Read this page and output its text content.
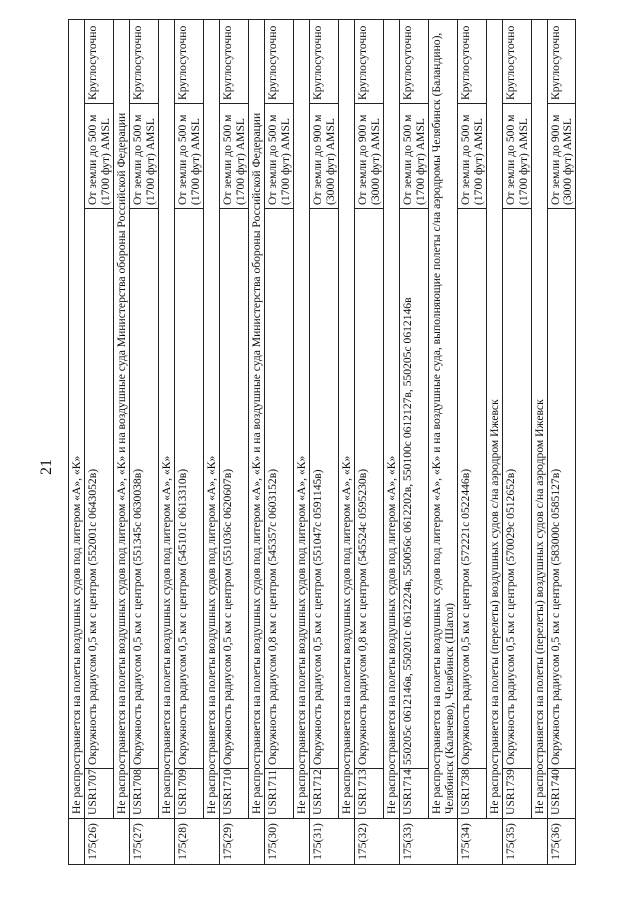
21
	Не распространяется на полеты воздушных судов под литером «А», «К»			
175(26)	USR1707	Окружность радиусом 0,5 км с центром (552001с 0643052в)	От земли до 500 м (1700 фут) AMSL	Круглосуточно
	Не распространяется на полеты воздушных судов под литером «А», «К» и на воздушные суда Министерства обороны Российской Федерации			
175(27)	USR1708	Окружность радиусом 0,5 км с центром (551345с 0630038в)	От земли до 500 м (1700 фут) AMSL	Круглосуточно
	Не распространяется на полеты воздушных судов под литером «А», «К»			
175(28)	USR1709	Окружность радиусом 0,5 км с центром (545101с 0613310в)	От земли до 500 м (1700 фут) AMSL	Круглосуточно
	Не распространяется на полеты воздушных судов под литером «А», «К»			
175(29)	USR1710	Окружность радиусом 0,5 км с центром (551036с 0620607в)	От земли до 500 м (1700 фут) AMSL	Круглосуточно
	Не распространяется на полеты воздушных судов под литером «А», «К» и на воздушные суда Министерства обороны Российской Федерации			
175(30)	USR1711	Окружность радиусом 0,8 км с центром (545357с 0603152в)	От земли до 500 м (1700 фут) AMSL	Круглосуточно
	Не распространяется на полеты воздушных судов под литером «А», «К»			
175(31)	USR1712	Окружность радиусом 0,5 км с центром (551047с 0591145в)	От земли до 900 м (3000 фут) AMSL	Круглосуточно
	Не распространяется на полеты воздушных судов под литером «А», «К»			
175(32)	USR1713	Окружность радиусом 0,8 км с центром (545524с 0595230в)	От земли до 900 м (3000 фут) AMSL	Круглосуточно
	Не распространяется на полеты воздушных судов под литером «А», «К»			
175(33)	USR1714	550205с 0612146в, 550201с 0612224в, 550056с 0612202в, 550100с 0612127в, 550205с 0612146в	От земли до 500 м (1700 фут) AMSL	Круглосуточно
	Не распространяется на полеты воздушных судов под литером «А», «К» и на воздушные суда, выполняющие полеты с/на аэродромы Челябинск (Баландино), Челябинск (Калачево), Челябинск (Шагол)			
175(34)	USR1738	Окружность радиусом 0,5 км с центром (572221с 0522446в)	От земли до 500 м (1700 фут) AMSL	Круглосуточно
	Не распространяется на полеты (перелеты) воздушных судов с/на аэродром Ижевск			
175(35)	USR1739	Окружность радиусом 0,5 км с центром (570029с 0512652в)	От земли до 500 м (1700 фут) AMSL	Круглосуточно
	Не распространяется на полеты (перелеты) воздушных судов с/на аэродром Ижевск			
175(36)	USR1740	Окружность радиусом 0,5 км с центром (583000с 0585127в)	От земли до 900 м (3000 фут) AMSL	Круглосуточно
